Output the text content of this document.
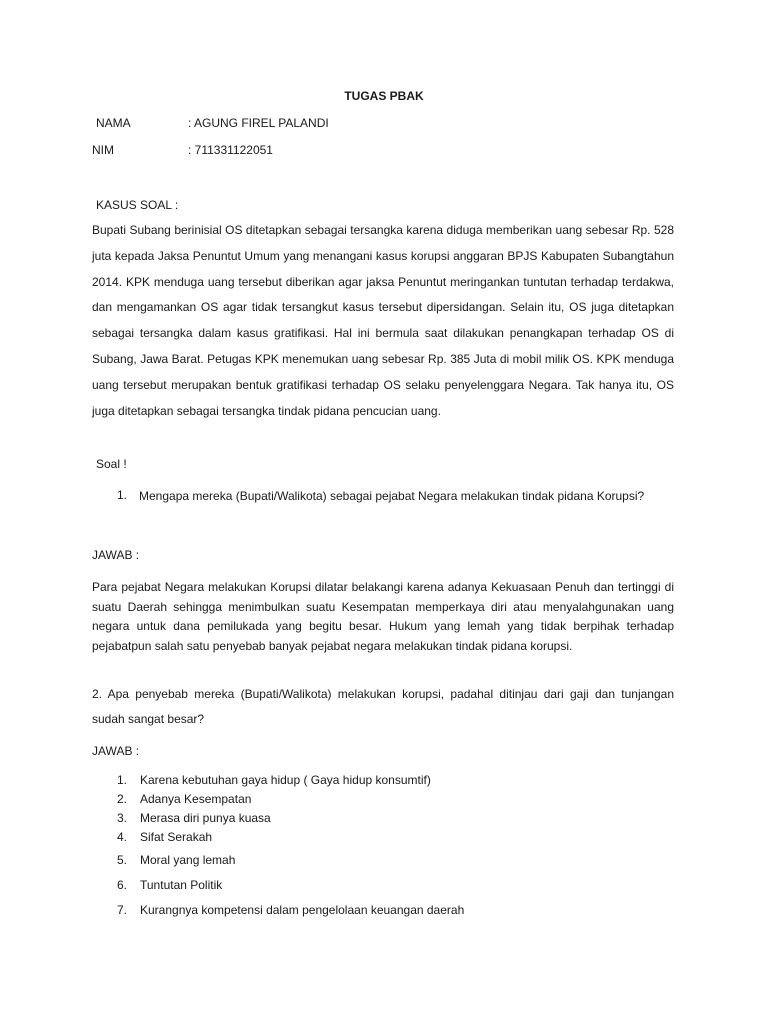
TUGAS PBAK
NAMA	: AGUNG FIREL PALANDI
NIM	: 711331122051
KASUS SOAL :
Bupati Subang berinisial OS ditetapkan sebagai tersangka karena diduga memberikan uang sebesar Rp. 528 juta kepada Jaksa Penuntut Umum yang menangani kasus korupsi anggaran BPJS Kabupaten Subangtahun 2014. KPK menduga uang tersebut diberikan agar jaksa Penuntut meringankan tuntutan terhadap terdakwa, dan mengamankan OS agar tidak tersangkut kasus tersebut dipersidangan. Selain itu, OS juga ditetapkan sebagai tersangka dalam kasus gratifikasi. Hal ini bermula saat dilakukan penangkapan terhadap OS di Subang, Jawa Barat. Petugas KPK menemukan uang sebesar Rp. 385 Juta di mobil milik OS. KPK menduga uang tersebut merupakan bentuk gratifikasi terhadap OS selaku penyelenggara Negara. Tak hanya itu, OS juga ditetapkan sebagai tersangka tindak pidana pencucian uang.
Soal !
1. Mengapa mereka (Bupati/Walikota) sebagai pejabat Negara melakukan tindak pidana Korupsi?
JAWAB :
Para pejabat Negara melakukan Korupsi dilatar belakangi karena adanya Kekuasaan Penuh dan tertinggi di suatu Daerah sehingga menimbulkan suatu Kesempatan memperkaya diri atau menyalahgunakan uang negara untuk dana pemilukada yang begitu besar. Hukum yang lemah yang tidak berpihak terhadap pejabatpun salah satu penyebab banyak pejabat negara melakukan tindak pidana korupsi.
2. Apa penyebab mereka (Bupati/Walikota) melakukan korupsi, padahal ditinjau dari gaji dan tunjangan sudah sangat besar?
JAWAB :
1. Karena kebutuhan gaya hidup ( Gaya hidup konsumtif)
2. Adanya Kesempatan
3. Merasa diri punya kuasa
4. Sifat Serakah
5. Moral yang lemah
6. Tuntutan Politik
7. Kurangnya kompetensi dalam pengelolaan keuangan daerah
